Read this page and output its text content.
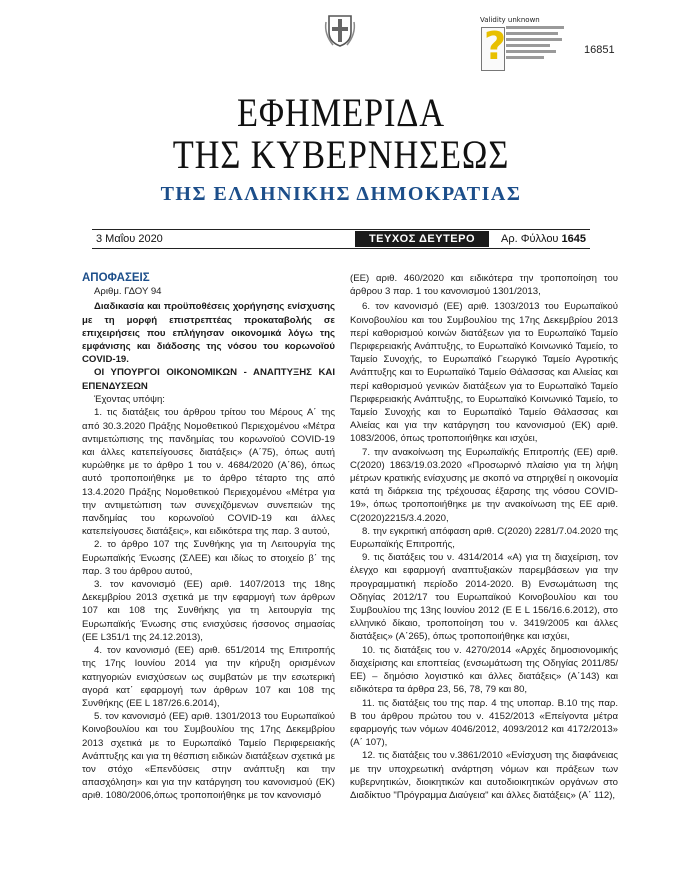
Validity unknown
?	16851
ΕΦΗΜΕΡΙΔΑ
ΤΗΣ ΚΥΒΕΡΝΗΣΕΩΣ
ΤΗΣ ΕΛΛΗΝΙΚΗΣ ΔΗΜΟΚΡΑΤΙΑΣ
3 Μαΐου 2020	ΤΕΥΧΟΣ ΔΕΥΤΕΡΟ	Αρ. Φύλλου 1645

ΑΠΟΦΑΣΕΙΣ

Αριθμ. ΓΔΟΥ 94

Διαδικασία και προϋποθέσεις χορήγησης ενίσχυσης με τη μορφή επιστρεπτέας προκαταβολής σε επιχειρήσεις που επλήγησαν οικονομικά λόγω της εμφάνισης και διάδοσης της νόσου του κορωνοϊού COVID-19.

ΟΙ ΥΠΟΥΡΓΟΙ ΟΙΚΟΝΟΜΙΚΩΝ - ΑΝΑΠΤΥΞΗΣ ΚΑΙ ΕΠΕΝΔΥΣΕΩΝ

Έχοντας υπόψη:

1. τις διατάξεις του άρθρου τρίτου του Μέρους Α΄ της από 30.3.2020 Πράξης Νομοθετικού Περιεχομένου «Μέτρα αντιμετώπισης της πανδημίας του κορωνοϊού COVID-19 και άλλες κατεπείγουσες διατάξεις» (Α΄75), όπως αυτή κυρώθηκε με το άρθρο 1 του ν. 4684/2020 (Α΄86), όπως αυτό τροποποιήθηκε με το άρθρο τέταρτο της από 13.4.2020 Πράξης Νομοθετικού Περιεχομένου «Μέτρα για την αντιμετώπιση των συνεχιζόμενων συνεπειών της πανδημίας του κορωνοϊού COVID-19 και άλλες κατεπείγουσες διατάξεις», και ειδικότερα της παρ. 3 αυτού,

2. το άρθρο 107 της Συνθήκης για τη Λειτουργία της Ευρωπαϊκής Ένωσης (ΣΛΕΕ) και ιδίως το στοιχείο β΄ της παρ. 3 του άρθρου αυτού,

3. τον κανονισμό (ΕΕ) αριθ. 1407/2013 της 18ης Δεκεμβρίου 2013 σχετικά με την εφαρμογή των άρθρων 107 και 108 της Συνθήκης για τη λειτουργία της Ευρωπαϊκής Ένωσης στις ενισχύσεις ήσσονος σημασίας (ΕΕ L351/1 της 24.12.2013),

4. τον κανονισμό (ΕΕ) αριθ. 651/2014 της Επιτροπής της 17ης Ιουνίου 2014 για την κήρυξη ορισμένων κατηγοριών ενισχύσεων ως συμβατών με την εσωτερική αγορά κατ΄ εφαρμογή των άρθρων 107 και 108 της Συνθήκης (ΕΕ L 187/26.6.2014),

5. τον κανονισμό (ΕΕ) αριθ. 1301/2013 του Ευρωπαϊκού Κοινοβουλίου και του Συμβουλίου της 17ης Δεκεμβρίου 2013 σχετικά με το Ευρωπαϊκό Ταμείο Περιφερειακής Ανάπτυξης και για τη θέσπιση ειδικών διατάξεων σχετικά με τον στόχο «Επενδύσεις στην ανάπτυξη και την απασχόληση» και για την κατάργηση του κανονισμού (ΕΚ) αριθ. 1080/2006,όπως τροποποιήθηκε με τον κανονισμό

(ΕΕ) αριθ. 460/2020 και ειδικότερα την τροποποίηση του άρθρου 3 παρ. 1 του κανονισμού 1301/2013,

6. τον κανονισμό (ΕΕ) αριθ. 1303/2013 του Ευρωπαϊκού Κοινοβουλίου και του Συμβουλίου της 17ης Δεκεμβρίου 2013 περί καθορισμού κοινών διατάξεων για το Ευρωπαϊκό Ταμείο Περιφερειακής Ανάπτυξης, το Ευρωπαϊκό Κοινωνικό Ταμείο, το Ταμείο Συνοχής, το Ευρωπαϊκό Γεωργικό Ταμείο Αγροτικής Ανάπτυξης και το Ευρωπαϊκό Ταμείο Θάλασσας και Αλιείας και περί καθορισμού γενικών διατάξεων για το Ευρωπαϊκό Ταμείο Περιφερειακής Ανάπτυξης, το Ευρωπαϊκό Κοινωνικό Ταμείο, το Ταμείο Συνοχής και το Ευρωπαϊκό Ταμείο Θάλασσας και Αλιείας και για την κατάργηση του κανονισμού (ΕΚ) αριθ. 1083/2006, όπως τροποποιήθηκε και ισχύει,

7. την ανακοίνωση της Ευρωπαϊκής Επιτροπής (ΕΕ) αριθ. C(2020) 1863/19.03.2020 «Προσωρινό πλαίσιο για τη λήψη μέτρων κρατικής ενίσχυσης με σκοπό να στηριχθεί η οικονομία κατά τη διάρκεια της τρέχουσας έξαρσης της νόσου COVID-19», όπως τροποποιήθηκε με την ανακοίνωση της ΕΕ αριθ. C(2020)2215/3.4.2020,

8. την εγκριτική απόφαση αριθ. C(2020) 2281/7.04.2020 της Ευρωπαϊκής Επιτροπής,

9. τις διατάξεις του ν. 4314/2014 «Α) για τη διαχείριση, τον έλεγχο και εφαρμογή αναπτυξιακών παρεμβάσεων για την προγραμματική περίοδο 2014-2020. Β) Ενσωμάτωση της Οδηγίας 2012/17 του Ευρωπαϊκού Κοινοβουλίου και του Συμβουλίου της 13ης Ιουνίου 2012 (Ε Ε L 156/16.6.2012), στο ελληνικό δίκαιο, τροποποίηση του ν. 3419/2005 και άλλες διατάξεις» (Α΄265), όπως τροποποιήθηκε και ισχύει,

10. τις διατάξεις του ν. 4270/2014 «Αρχές δημοσιονομικής διαχείρισης και εποπτείας (ενσωμάτωση της Οδηγίας 2011/85/ΕΕ) – δημόσιο λογιστικό και άλλες διατάξεις» (Α΄143) και ειδικότερα τα άρθρα 23, 56, 78, 79 και 80,

11. τις διατάξεις του της παρ. 4 της υποπαρ. Β.10 της παρ. Β του άρθρου πρώτου του ν. 4152/2013 «Επείγοντα μέτρα εφαρμογής των νόμων 4046/2012, 4093/2012 και 4172/2013» (Α΄ 107),

12. τις διατάξεις του ν.3861/2010 «Ενίσχυση της διαφάνειας με την υποχρεωτική ανάρτηση νόμων και πράξεων των κυβερνητικών, διοικητικών και αυτοδιοικητικών οργάνων στο Διαδίκτυο "Πρόγραμμα Διαύγεια" και άλλες διατάξεις» (Α΄ 112),
